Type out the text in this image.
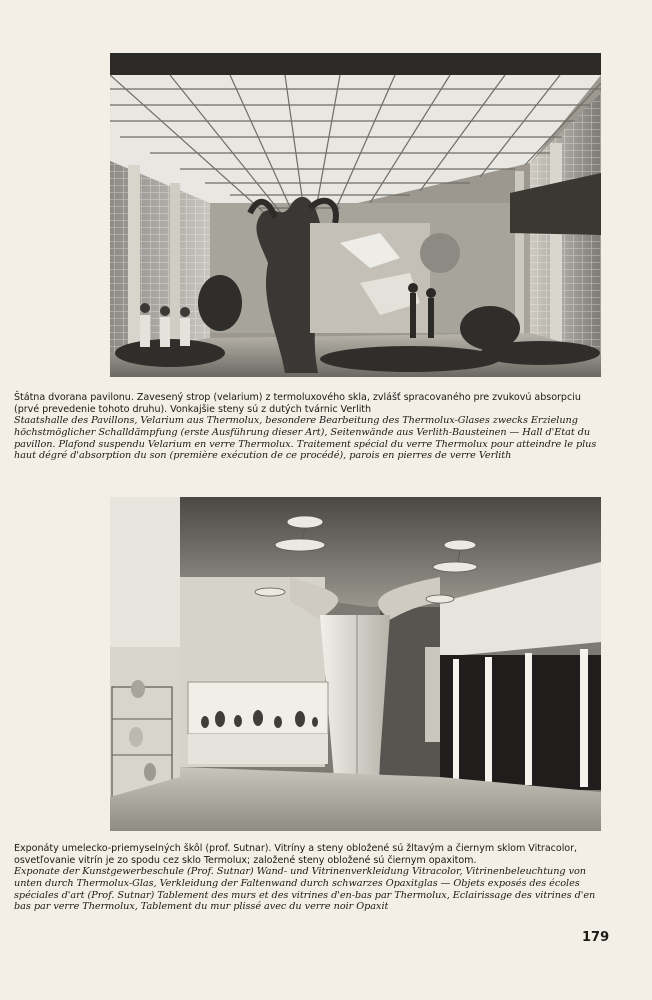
Štátna dvorana pavilonu. Zavesený strop (velarium) z termoluxového skla, zvlášť spracovaného pre zvukovú absorpciu (prvé prevedenie tohoto druhu). Vonkajšie steny sú z dutých tvárnic Verlith

Staatshalle des Pavillons, Velarium aus Thermolux, besondere Bearbeitung des Thermolux-Glases zwecks Erzielung höchstmöglicher Schalldämpfung (erste Ausführung dieser Art), Seitenwände aus Verlith-Bausteinen — Hall d'Etat du pavillon. Plafond suspendu Velarium en verre Thermolux. Traitement spécial du verre Thermolux pour atteindre le plus haut dégré d'absorption du son (première exécution de ce procédé), parois en pierres de verre Verlith

Exponáty umelecko-priemyselných škôl (prof. Sutnar). Vitríny a steny obložené sú žltavým a čiernym sklom Vitracolor, osvetľovanie vitrín je zo spodu cez sklo Termolux; založené steny obložené sú čiernym opaxitom.

Exponate der Kunstgewerbeschule (Prof. Sutnar) Wand- und Vitrinenverkleidung Vitracolor, Vitrinenbeleuchtung von unten durch Thermolux-Glas, Verkleidung der Faltenwand durch schwarzes Opaxitglas — Objets exposés des écoles spéciales d'art (Prof. Sutnar) Tablement des murs et des vitrines d'en-bas par Thermolux, Eclairissage des vitrines d'en bas par verre Thermolux, Tablement du mur plissé avec du verre noir Opaxit

179
